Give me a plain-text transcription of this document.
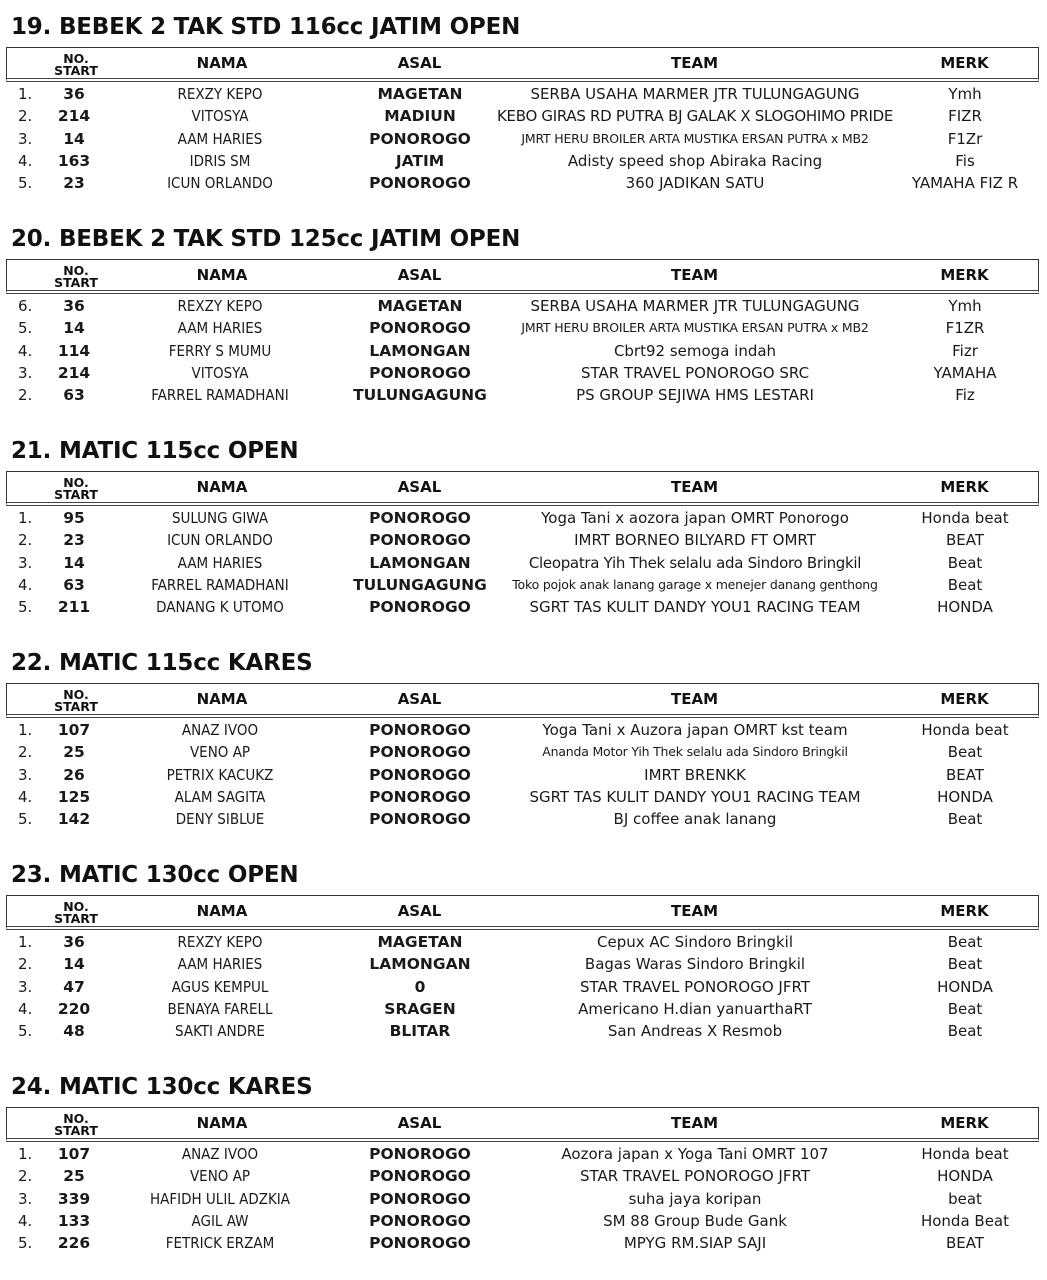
19. BEBEK 2 TAK STD 116cc JATIM OPEN
NO.
START	NAMA	ASAL	TEAM	MERK
1.	36	REXZY KEPO	MAGETAN	SERBA USAHA MARMER JTR TULUNGAGUNG	Ymh
2.	214	VITOSYA	MADIUN	KEBO GIRAS RD PUTRA BJ GALAK X SLOGOHIMO PRIDE	FIZR
3.	14	AAM HARIES	PONOROGO	JMRT HERU BROILER ARTA MUSTIKA ERSAN PUTRA x MB2	F1Zr
4.	163	IDRIS SM	JATIM	Adisty speed shop Abiraka Racing	Fis
5.	23	ICUN ORLANDO	PONOROGO	360 JADIKAN SATU	YAMAHA FIZ R
20. BEBEK 2 TAK STD 125cc JATIM OPEN
NO.
START	NAMA	ASAL	TEAM	MERK
6.	36	REXZY KEPO	MAGETAN	SERBA USAHA MARMER JTR TULUNGAGUNG	Ymh
5.	14	AAM HARIES	PONOROGO	JMRT HERU BROILER ARTA MUSTIKA ERSAN PUTRA x MB2	F1ZR
4.	114	FERRY S MUMU	LAMONGAN	Cbrt92 semoga indah	Fizr
3.	214	VITOSYA	PONOROGO	STAR TRAVEL PONOROGO SRC	YAMAHA
2.	63	FARREL RAMADHANI	TULUNGAGUNG	PS GROUP SEJIWA HMS LESTARI	Fiz
21. MATIC 115cc OPEN
NO.
START	NAMA	ASAL	TEAM	MERK
1.	95	SULUNG GIWA	PONOROGO	Yoga Tani x aozora japan OMRT Ponorogo	Honda beat
2.	23	ICUN ORLANDO	PONOROGO	IMRT BORNEO BILYARD FT OMRT	BEAT
3.	14	AAM HARIES	LAMONGAN	Cleopatra Yih Thek selalu ada Sindoro Bringkil	Beat
4.	63	FARREL RAMADHANI	TULUNGAGUNG	Toko pojok anak lanang garage x menejer danang genthong	Beat
5.	211	DANANG K UTOMO	PONOROGO	SGRT TAS KULIT DANDY YOU1 RACING TEAM	HONDA
22. MATIC 115cc KARES
NO.
START	NAMA	ASAL	TEAM	MERK
1.	107	ANAZ IVOO	PONOROGO	Yoga Tani x Auzora japan OMRT kst team	Honda beat
2.	25	VENO AP	PONOROGO	Ananda Motor Yih Thek selalu ada Sindoro Bringkil	Beat
3.	26	PETRIX KACUKZ	PONOROGO	IMRT BRENKK	BEAT
4.	125	ALAM SAGITA	PONOROGO	SGRT TAS KULIT DANDY YOU1 RACING TEAM	HONDA
5.	142	DENY SIBLUE	PONOROGO	BJ coffee anak lanang	Beat
23. MATIC 130cc OPEN
NO.
START	NAMA	ASAL	TEAM	MERK
1.	36	REXZY KEPO	MAGETAN	Cepux AC Sindoro Bringkil	Beat
2.	14	AAM HARIES	LAMONGAN	Bagas Waras Sindoro Bringkil	Beat
3.	47	AGUS KEMPUL	0	STAR TRAVEL PONOROGO JFRT	HONDA
4.	220	BENAYA FARELL	SRAGEN	Americano H.dian yanuarthaRT	Beat
5.	48	SAKTI ANDRE	BLITAR	San Andreas X Resmob	Beat
24. MATIC 130cc KARES
NO.
START	NAMA	ASAL	TEAM	MERK
1.	107	ANAZ IVOO	PONOROGO	Aozora japan x Yoga Tani OMRT 107	Honda beat
2.	25	VENO AP	PONOROGO	STAR TRAVEL PONOROGO JFRT	HONDA
3.	339	HAFIDH ULIL ADZKIA	PONOROGO	suha jaya koripan	beat
4.	133	AGIL AW	PONOROGO	SM 88 Group Bude Gank	Honda Beat
5.	226	FETRICK ERZAM	PONOROGO	MPYG RM.SIAP SAJI	BEAT
